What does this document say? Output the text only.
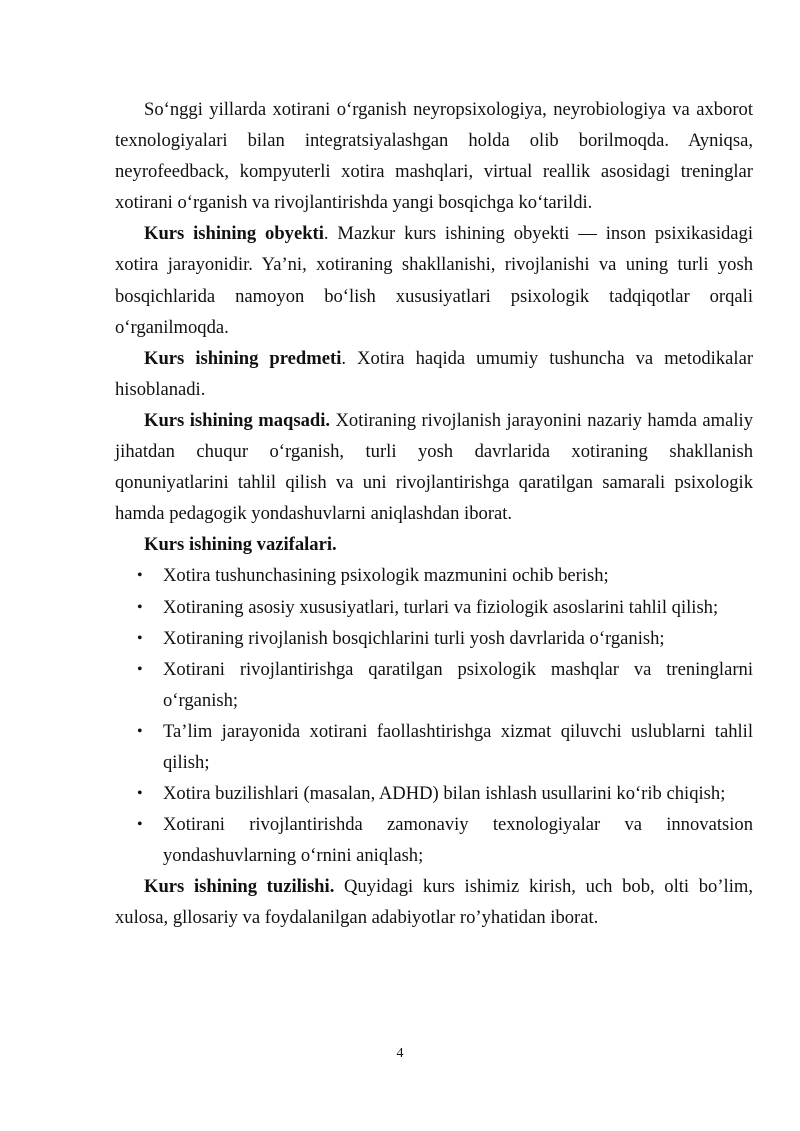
So‘nggi yillarda xotirani o‘rganish neyropsixologiya, neyrobiologiya va axborot texnologiyalari bilan integratsiyalashgan holda olib borilmoqda. Ayniqsa, neyrofeedback, kompyuterli xotira mashqlari, virtual reallik asosidagi treninglar xotirani o‘rganish va rivojlantirishda yangi bosqichga ko‘tarildi.

Kurs ishining obyekti. Mazkur kurs ishining obyekti — inson psixikasidagi xotira jarayonidir. Ya’ni, xotiraning shakllanishi, rivojlanishi va uning turli yosh bosqichlarida namoyon bo‘lish xususiyatlari psixologik tadqiqotlar orqali o‘rganilmoqda.

Kurs ishining predmeti. Xotira haqida umumiy tushuncha va metodikalar hisoblanadi.

Kurs ishining maqsadi. Xotiraning rivojlanish jarayonini nazariy hamda amaliy jihatdan chuqur o‘rganish, turli yosh davrlarida xotiraning shakllanish qonuniyatlarini tahlil qilish va uni rivojlantirishga qaratilgan samarali psixologik hamda pedagogik yondashuvlarni aniqlashdan iborat.

Kurs ishining vazifalari.

• Xotira tushunchasining psixologik mazmunini ochib berish;
• Xotiraning asosiy xususiyatlari, turlari va fiziologik asoslarini tahlil qilish;
• Xotiraning rivojlanish bosqichlarini turli yosh davrlarida o‘rganish;
• Xotirani rivojlantirishga qaratilgan psixologik mashqlar va treninglarni o‘rganish;
• Ta’lim jarayonida xotirani faollashtirishga xizmat qiluvchi uslublarni tahlil qilish;
• Xotira buzilishlari (masalan, ADHD) bilan ishlash usullarini ko‘rib chiqish;
• Xotirani rivojlantirishda zamonaviy texnologiyalar va innovatsion yondashuvlarning o‘rnini aniqlash;

Kurs ishining tuzilishi. Quyidagi kurs ishimiz kirish, uch bob, olti bo’lim, xulosa, gllosariy va foydalanilgan adabiyotlar ro’yhatidan iborat.

4
